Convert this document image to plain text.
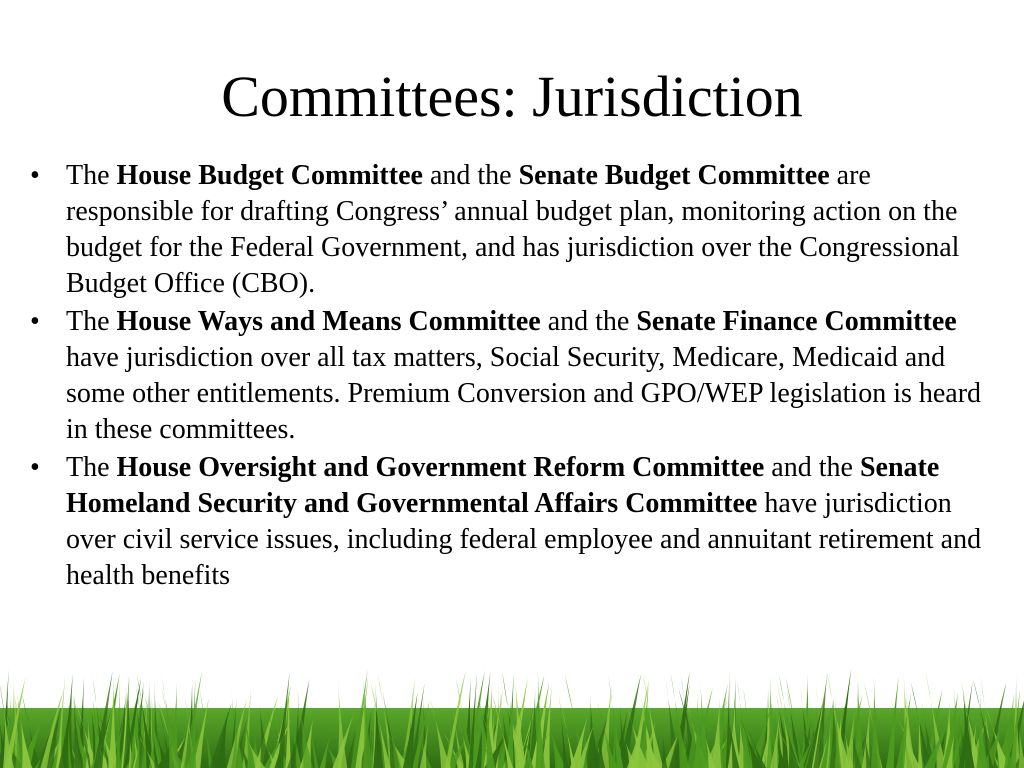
Committees: Jurisdiction
• The House Budget Committee and the Senate Budget Committee are responsible for drafting Congress’ annual budget plan, monitoring action on the budget for the Federal Government, and has jurisdiction over the Congressional Budget Office (CBO).
• The House Ways and Means Committee and the Senate Finance Committee have jurisdiction over all tax matters, Social Security, Medicare, Medicaid and some other entitlements. Premium Conversion and GPO/WEP legislation is heard in these committees.
• The House Oversight and Government Reform Committee and the Senate Homeland Security and Governmental Affairs Committee have jurisdiction over civil service issues, including federal employee and annuitant retirement and health benefits
